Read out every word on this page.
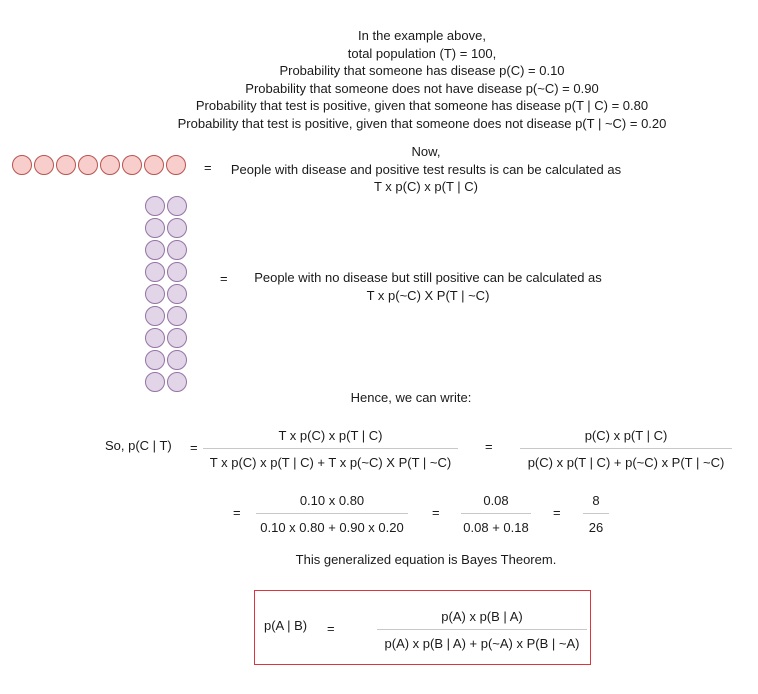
In the example above,
total population (T) = 100,
Probability that someone has disease p(C) = 0.10
Probability that someone does not have disease p(~C) = 0.90
Probability that test is positive, given that someone has disease p(T | C) = 0.80
Probability that test is positive, given that someone does not disease p(T | ~C) = 0.20
=
Now,
People with disease and positive test results is can be calculated as
T x p(C) x p(T | C)
=	People with no disease but still positive can be calculated as
T x p(~C) X P(T | ~C)
Hence, we can write:
So, p(C | T) =
T x p(C) x p(T | C)
T x p(C) x p(T | C) + T x p(~C) X P(T | ~C)
=
p(C) x p(T | C)
p(C) x p(T | C) + p(~C) x P(T | ~C)
=
0.10 x 0.80
0.10 x 0.80 + 0.90 x 0.20
=
0.08
0.08 + 0.18
=
8
26
This generalized equation is Bayes Theorem.
p(A | B) =
p(A) x p(B | A)
p(A) x p(B | A) + p(~A) x P(B | ~A)
